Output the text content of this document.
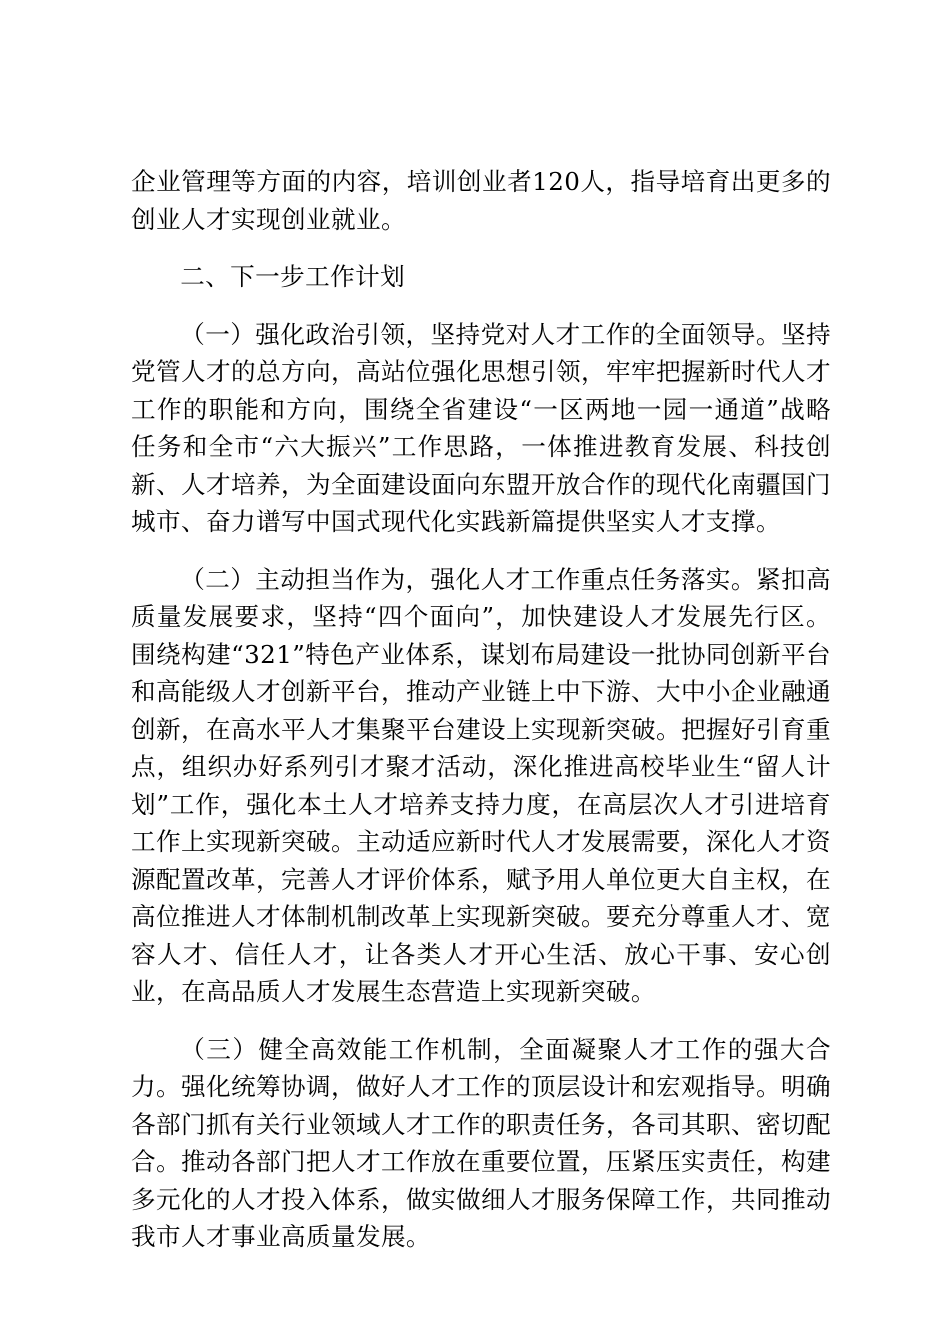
企业管理等方面的内容，培训创业者120人，指导培育出更多的创业人才实现创业就业。

二、下一步工作计划

（一）强化政治引领，坚持党对人才工作的全面领导。坚持党管人才的总方向，高站位强化思想引领，牢牢把握新时代人才工作的职能和方向，围绕全省建设“一区两地一园一通道”战略任务和全市“六大振兴”工作思路，一体推进教育发展、科技创新、人才培养，为全面建设面向东盟开放合作的现代化南疆国门城市、奋力谱写中国式现代化实践新篇提供坚实人才支撑。

（二）主动担当作为，强化人才工作重点任务落实。紧扣高质量发展要求，坚持“四个面向”，加快建设人才发展先行区。围绕构建“321”特色产业体系，谋划布局建设一批协同创新平台和高能级人才创新平台，推动产业链上中下游、大中小企业融通创新，在高水平人才集聚平台建设上实现新突破。把握好引育重点，组织办好系列引才聚才活动，深化推进高校毕业生“留人计划”工作，强化本土人才培养支持力度，在高层次人才引进培育工作上实现新突破。主动适应新时代人才发展需要，深化人才资源配置改革，完善人才评价体系，赋予用人单位更大自主权，在高位推进人才体制机制改革上实现新突破。要充分尊重人才、宽容人才、信任人才，让各类人才开心生活、放心干事、安心创业，在高品质人才发展生态营造上实现新突破。

（三）健全高效能工作机制，全面凝聚人才工作的强大合力。强化统筹协调，做好人才工作的顶层设计和宏观指导。明确各部门抓有关行业领域人才工作的职责任务，各司其职、密切配合。推动各部门把人才工作放在重要位置，压紧压实责任，构建多元化的人才投入体系，做实做细人才服务保障工作，共同推动我市人才事业高质量发展。
